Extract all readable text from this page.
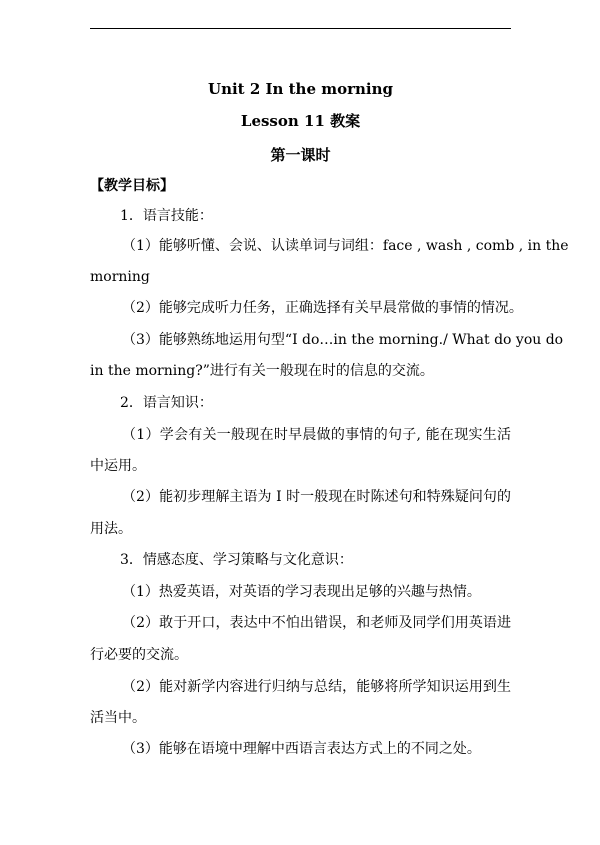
Unit 2 In the morning
Lesson 11 教案
第一课时
【教学目标】
1．语言技能：
（1）能够听懂、会说、认读单词与词组：face , wash , comb , in the
morning
（2）能够完成听力任务，正确选择有关早晨常做的事情的情况。
（3）能够熟练地运用句型“I do…in the morning./ What do you do
in the morning?”进行有关一般现在时的信息的交流。
2．语言知识：
（1）学会有关一般现在时早晨做的事情的句子, 能在现实生活
中运用。
（2）能初步理解主语为 I 时一般现在时陈述句和特殊疑问句的
用法。
3．情感态度、学习策略与文化意识：
（1）热爱英语，对英语的学习表现出足够的兴趣与热情。
（2）敢于开口，表达中不怕出错误，和老师及同学们用英语进
行必要的交流。
（2）能对新学内容进行归纳与总结，能够将所学知识运用到生
活当中。
（3）能够在语境中理解中西语言表达方式上的不同之处。
